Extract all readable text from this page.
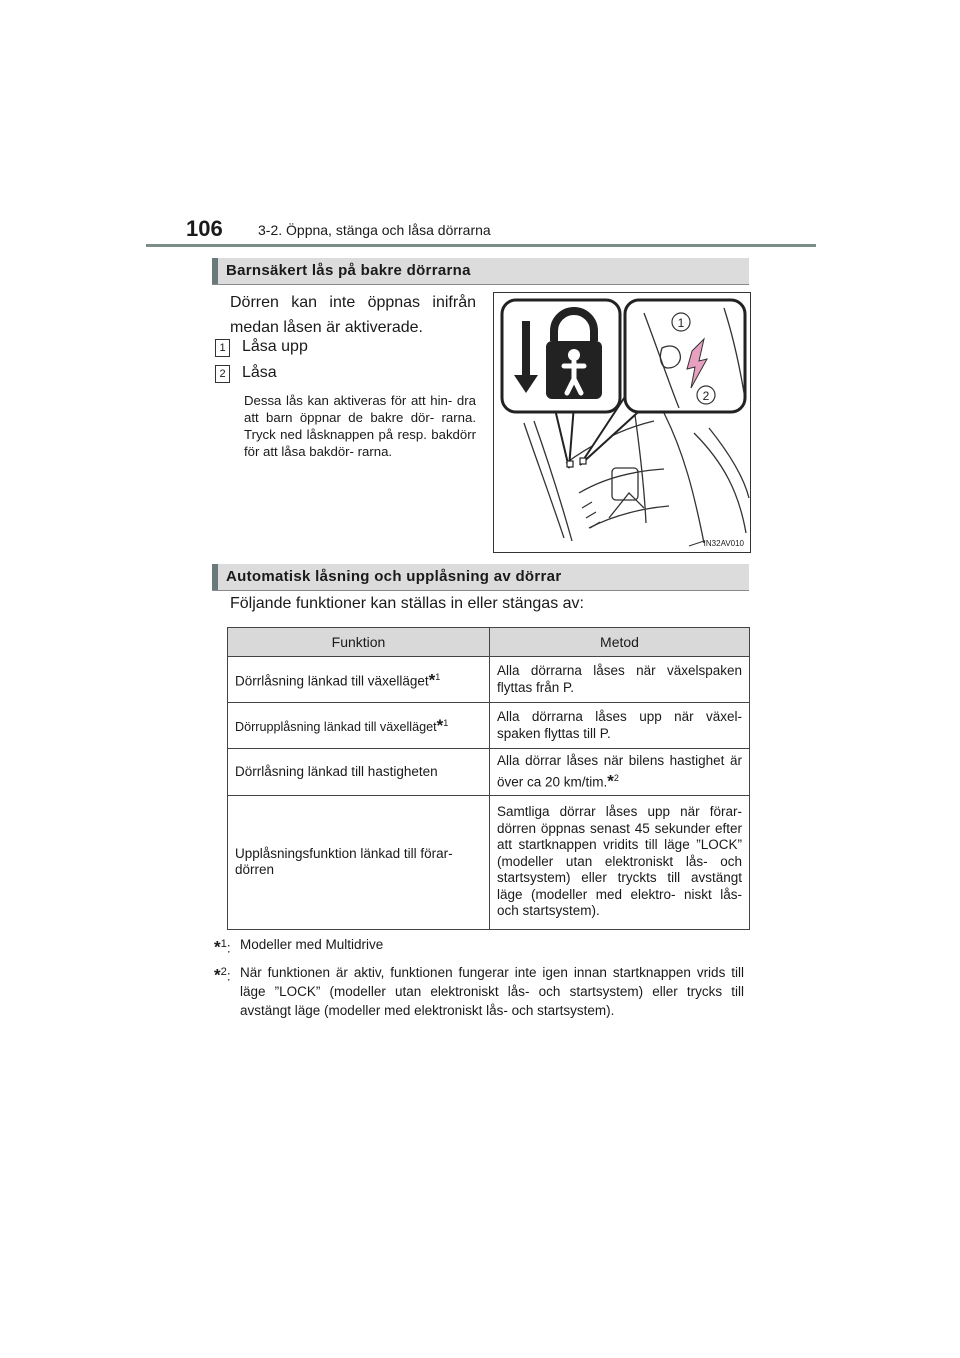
106	3-2. Öppna, stänga och låsa dörrarna
Barnsäkert lås på bakre dörrarna
Dörren kan inte öppnas inifrån medan låsen är aktiverade.
1 Låsa upp
2 Låsa
Dessa lås kan aktiveras för att hin- dra att barn öppnar de bakre dör- rarna. Tryck ned låsknappen på resp. bakdörr för att låsa bakdör- rarna.
1
2
IN32AV010
Automatisk låsning och upplåsning av dörrar
Följande funktioner kan ställas in eller stängas av:
Funktion	Metod
Dörrlåsning länkad till växelläget*$^1$	Alla dörrarna låses när växelspaken flyttas från P.
Dörrupplåsning länkad till växelläget*$^1$	Alla dörrarna låses upp när växel- spaken flyttas till P.
Dörrlåsning länkad till hastigheten	Alla dörrar låses när bilens hastighet är över ca 20 km/tim.*$^2$
Upplåsningsfunktion länkad till förar- dörren	Samtliga dörrar låses upp när förar- dörren öppnas senast 45 sekunder efter att startknappen vridits till läge ”LOCK” (modeller utan elektroniskt lås- och startsystem) eller tryckts till avstängt läge (modeller med elektro- niskt lås- och startsystem).
*$^1$: Modeller med Multidrive
*$^2$: När funktionen är aktiv, funktionen fungerar inte igen innan startknappen vrids till läge ”LOCK” (modeller utan elektroniskt lås- och startsystem) eller trycks till avstängt läge (modeller med elektroniskt lås- och startsystem).
